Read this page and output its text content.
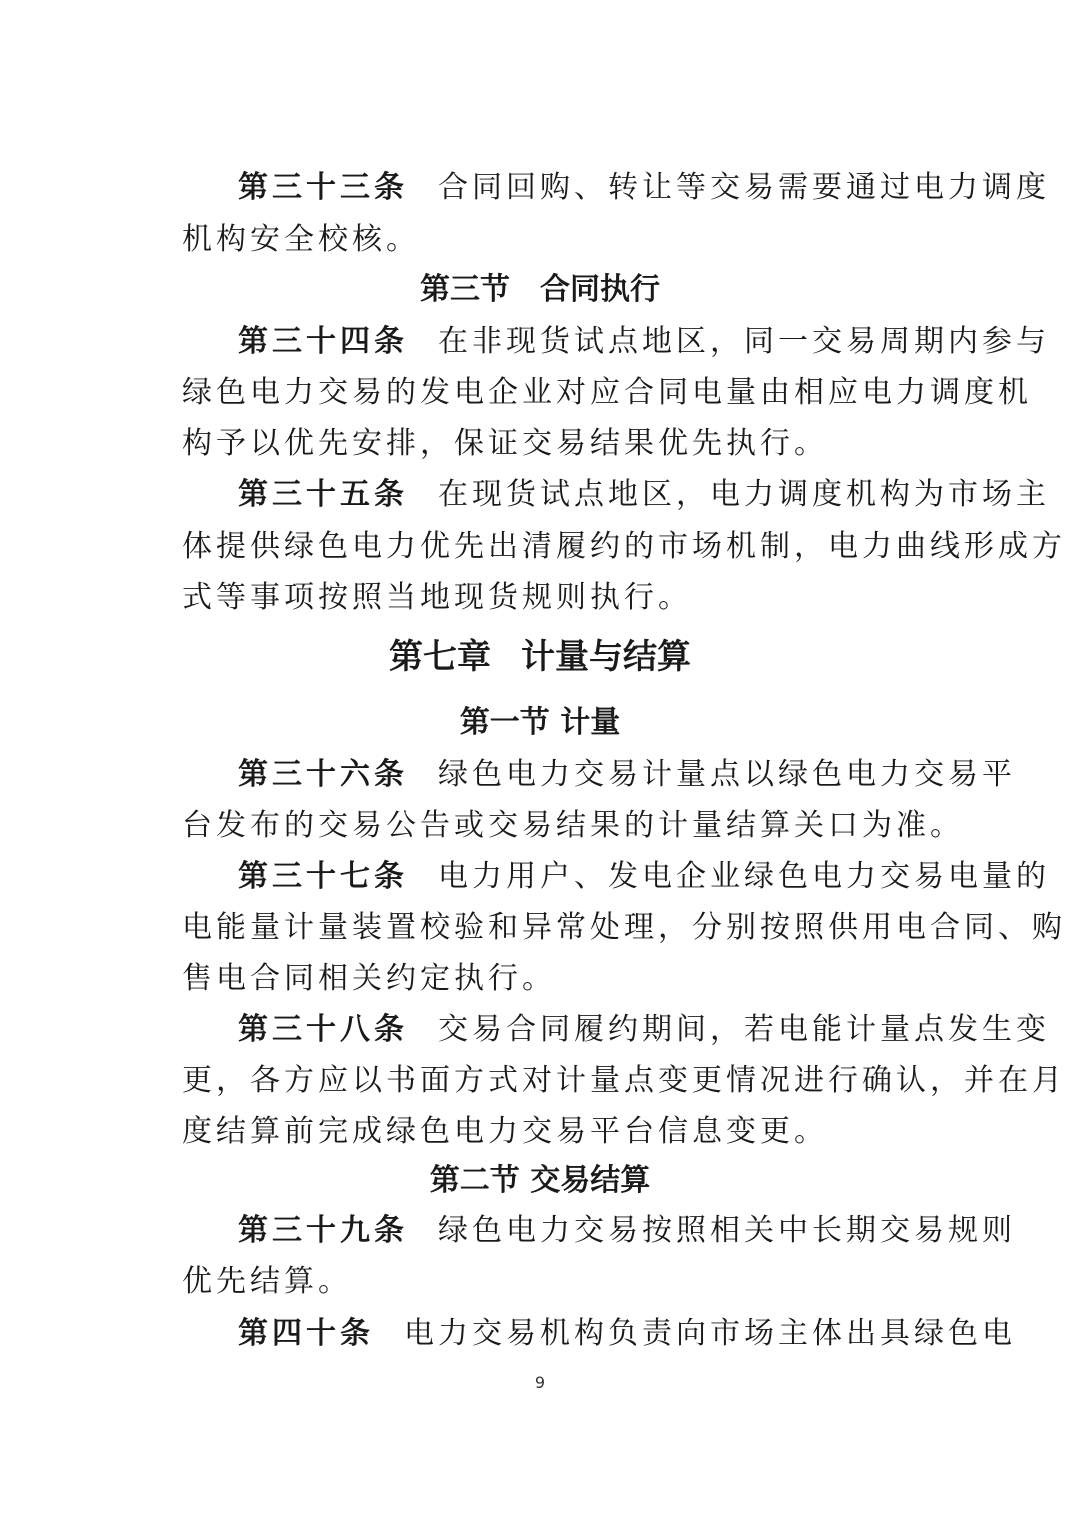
第三十三条 合同回购、转让等交易需要通过电力调度
机构安全校核。
第三节 合同执行
第三十四条 在非现货试点地区，同一交易周期内参与
绿色电力交易的发电企业对应合同电量由相应电力调度机
构予以优先安排，保证交易结果优先执行。
第三十五条 在现货试点地区，电力调度机构为市场主
体提供绿色电力优先出清履约的市场机制，电力曲线形成方
式等事项按照当地现货规则执行。
第七章 计量与结算
第一节 计量
第三十六条 绿色电力交易计量点以绿色电力交易平
台发布的交易公告或交易结果的计量结算关口为准。
第三十七条 电力用户、发电企业绿色电力交易电量的
电能量计量装置校验和异常处理，分别按照供用电合同、购
售电合同相关约定执行。
第三十八条 交易合同履约期间，若电能计量点发生变
更，各方应以书面方式对计量点变更情况进行确认，并在月
度结算前完成绿色电力交易平台信息变更。
第二节 交易结算
第三十九条 绿色电力交易按照相关中长期交易规则
优先结算。
第四十条 电力交易机构负责向市场主体出具绿色电
9
